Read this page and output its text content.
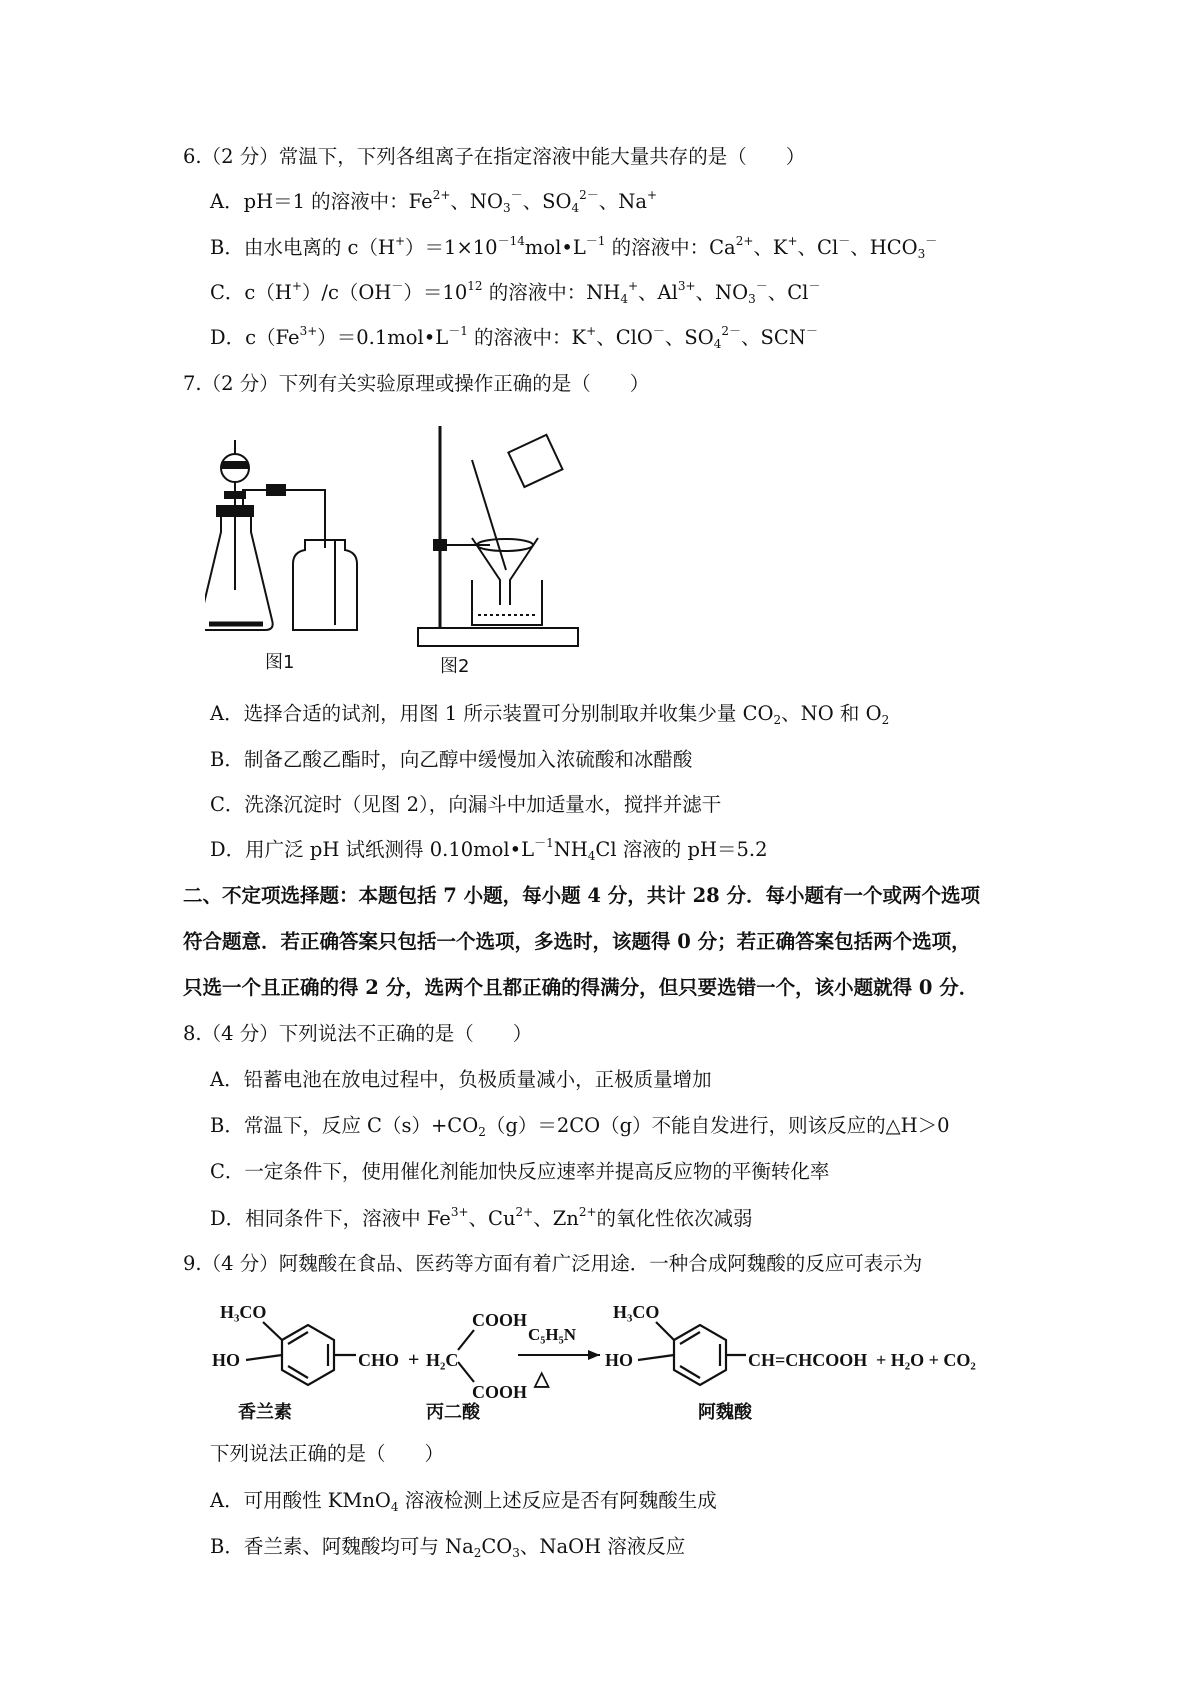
6.（2 分）常温下，下列各组离子在指定溶液中能大量共存的是（　　）
A．pH＝1 的溶液中：$Fe^{2+}$、$NO_3^-$、$SO_4^{2-}$、Na+
B．由水电离的 $c(H^+)=1\times 10^{-14}mol•L^{-1}$ 的溶液中：$Ca^{2+}$、K+、Cl－、$HCO_3^-$
C．$c(H^+)/c(OH^-)=10^{12}$ 的溶液中：$NH_4^+$、$Al^{3+}$、$NO_3^-$、Cl－
D．$c(Fe^{3+})=0.1mol•L^{-1}$ 的溶液中：K+、ClO－、$SO_4^{2-}$、SCN－
7.（2 分）下列有关实验原理或操作正确的是（　　）
图1	图2
A．选择合适的试剂，用图 1 所示装置可分别制取并收集少量 $CO_2$、NO 和 $O_2$
B．制备乙酸乙酯时，向乙醇中缓慢加入浓硫酸和冰醋酸
C．洗涤沉淀时（见图 2），向漏斗中加适量水，搅拌并滤干
D．用广泛 pH 试纸测得 $0.10mol•L^{-1}NH_4Cl$ 溶液的 pH＝5.2
二、不定项选择题：本题包括 7 小题，每小题 4 分，共计 28 分．每小题有一个或两个选项
符合题意．若正确答案只包括一个选项，多选时，该题得 0 分；若正确答案包括两个选项，
只选一个且正确的得 2 分，选两个且都正确的得满分，但只要选错一个，该小题就得 0 分．
8.（4 分）下列说法不正确的是（　　）
A．铅蓄电池在放电过程中，负极质量减小，正极质量增加
B．常温下，反应 $C(s)+CO_2(g)=2CO(g)$不能自发进行，则该反应的△H＞0
C．一定条件下，使用催化剂能加快反应速率并提高反应物的平衡转化率
D．相同条件下，溶液中 $Fe^{3+}$、$Cu^{2+}$、$Zn^{2+}$的氧化性依次减弱
9.（4 分）阿魏酸在食品、医药等方面有着广泛用途．一种合成阿魏酸的反应可表示为
H₃CO
HO	CHO + H₂C
COOH
COOH
C₅H₅N
△
H₃CO
HO	CH=CHCOOH + H₂O + CO₂
香兰素	丙二酸	阿魏酸
下列说法正确的是（　　）
A．可用酸性 KMnO$_4$ 溶液检测上述反应是否有阿魏酸生成
B．香兰素、阿魏酸均可与 $Na_2CO_3$、NaOH 溶液反应
